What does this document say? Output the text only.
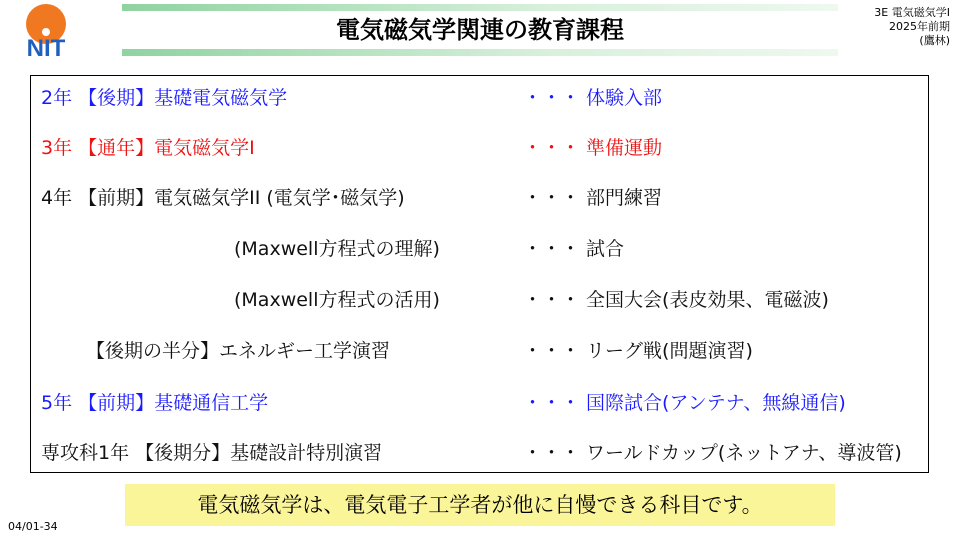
NIT
電気磁気学関連の教育課程
3E 電気磁気学I
2025年前期
(鷹林)
2年 【後期】基礎電気磁気学	・・・ 体験入部
3年 【通年】電気磁気学I	・・・ 準備運動
4年 【前期】電気磁気学II (電気学･磁気学)	・・・ 部門練習
(Maxwell方程式の理解)	・・・ 試合
(Maxwell方程式の活用)	・・・ 全国大会(表皮効果、電磁波)
【後期の半分】エネルギー工学演習	・・・ リーグ戦(問題演習)
5年 【前期】基礎通信工学	・・・ 国際試合(アンテナ、無線通信)
専攻科1年 【後期分】基礎設計特別演習	・・・ ワールドカップ(ネットアナ、導波管)
電気磁気学は、電気電子工学者が他に自慢できる科目です。
04/01-34
